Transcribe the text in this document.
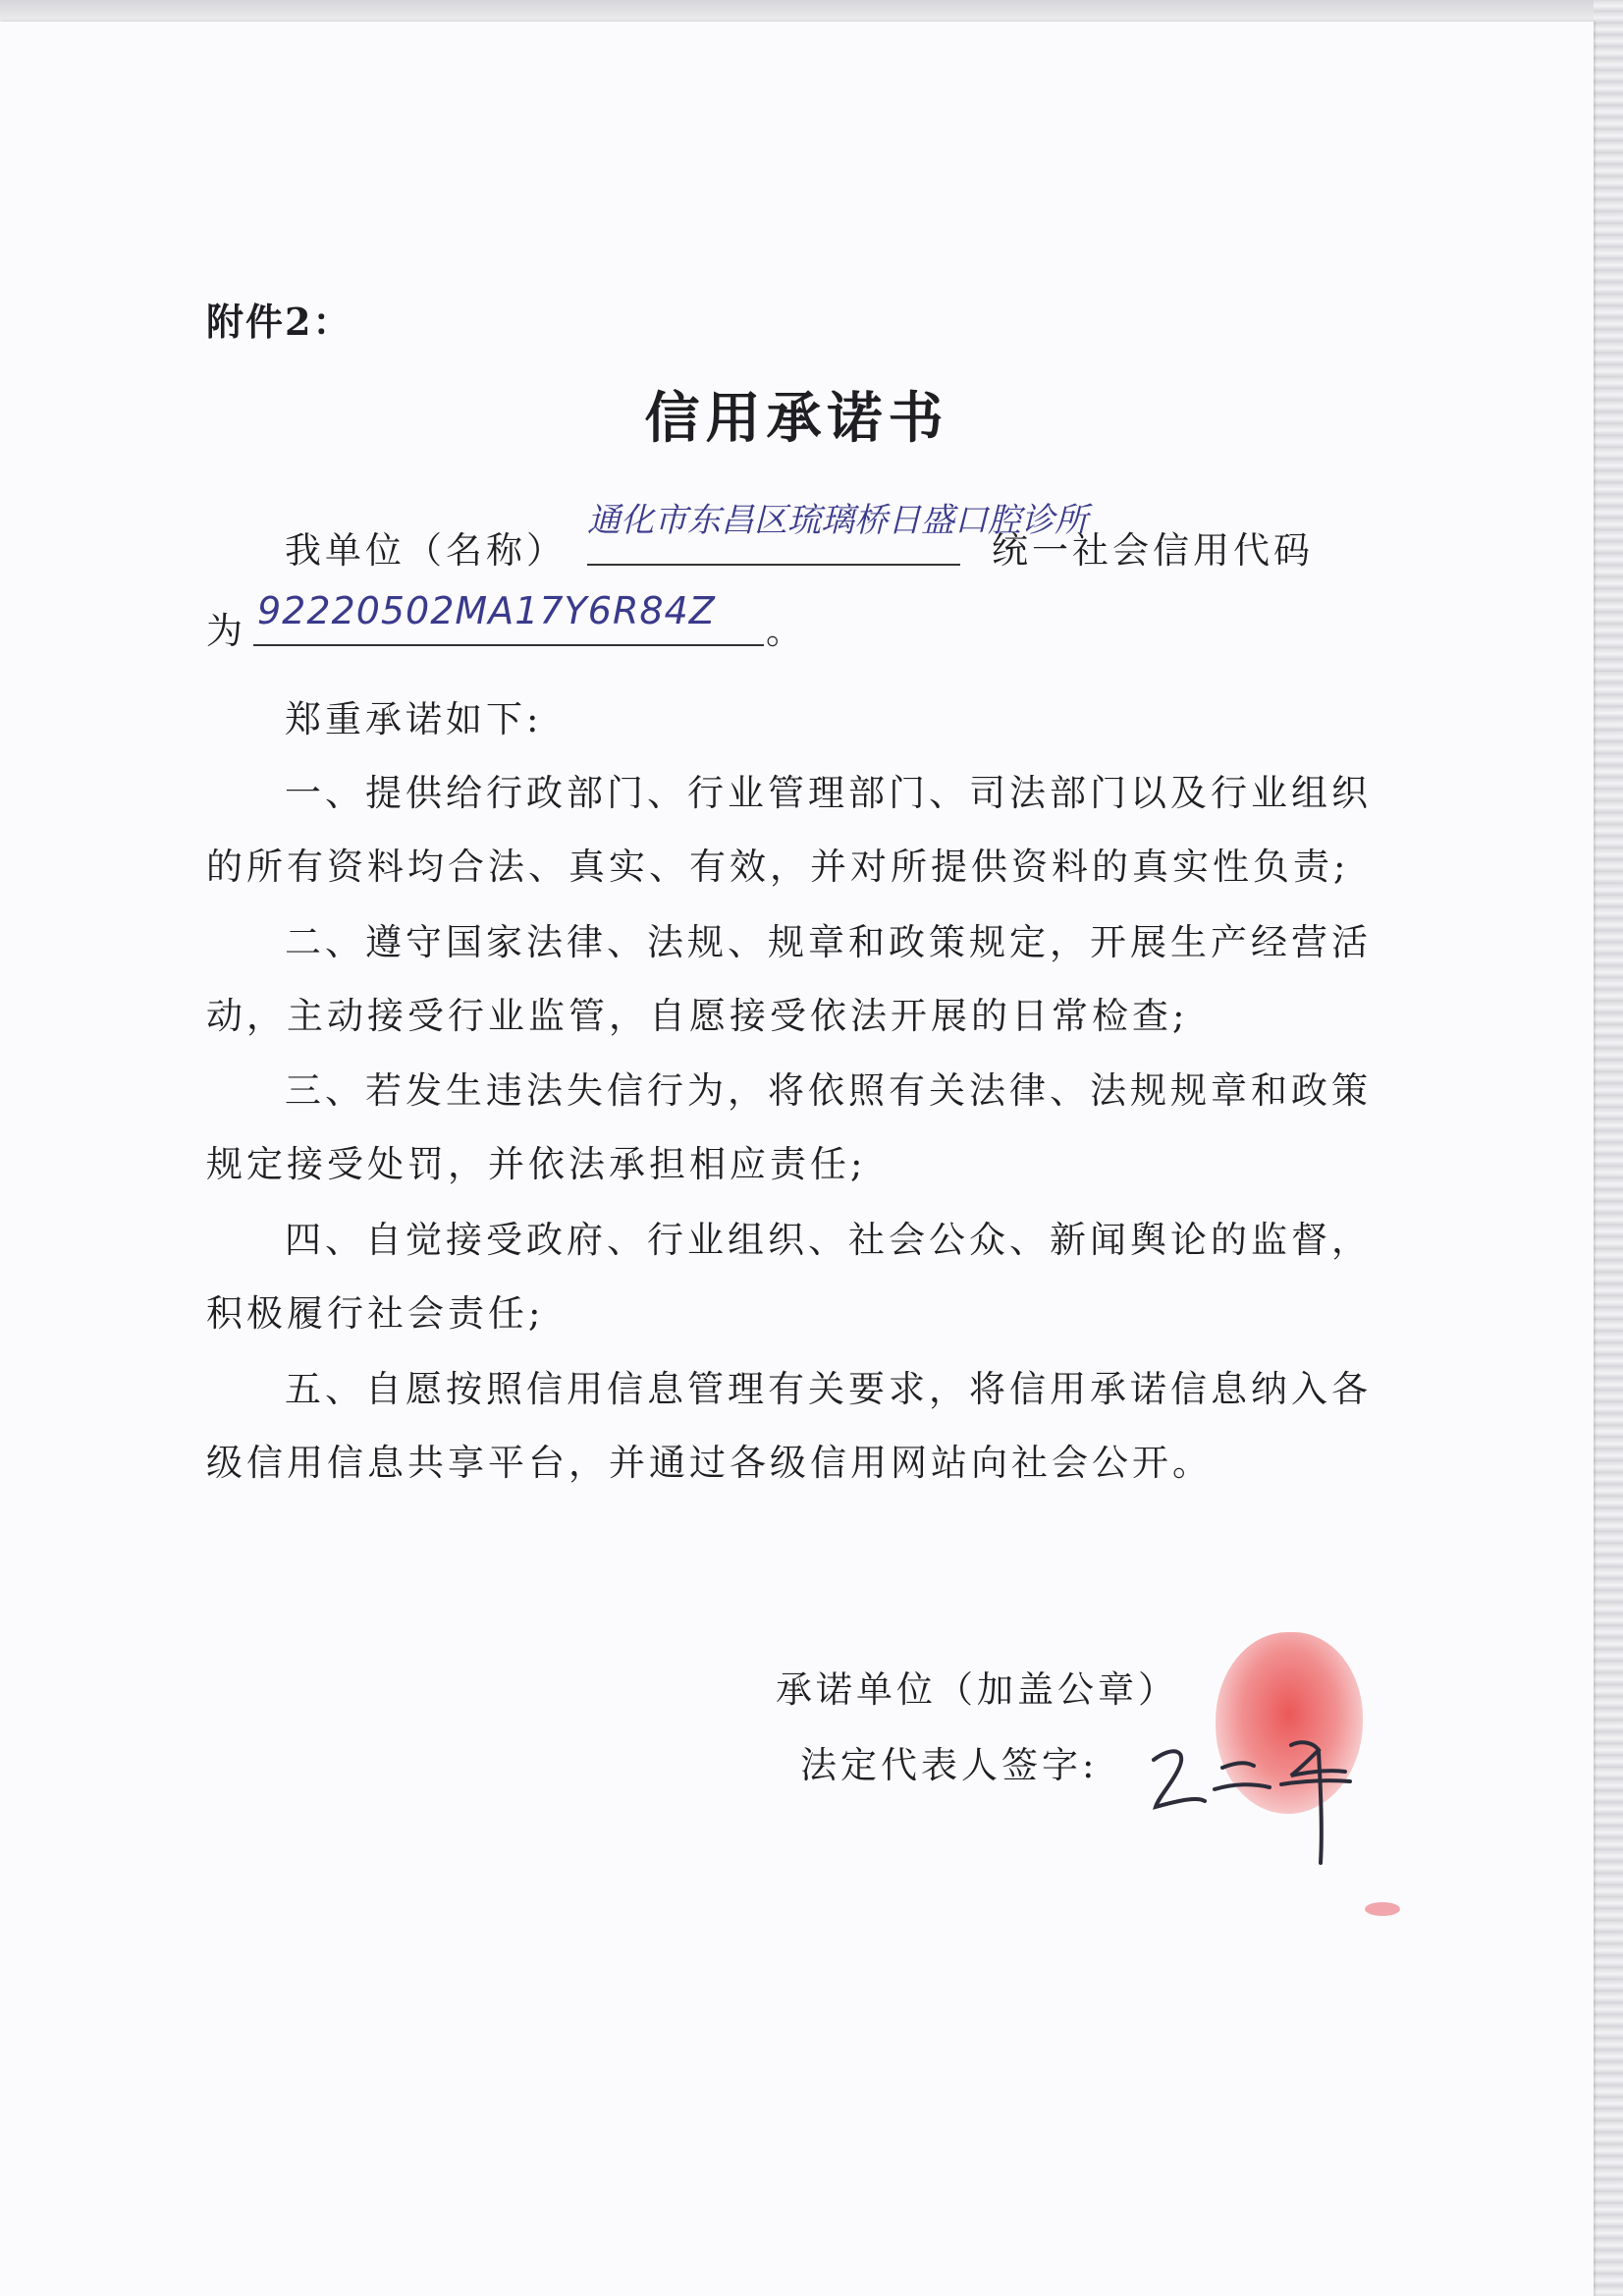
附件2：
信用承诺书
我单位（名称）
通化市东昌区琉璃桥日盛口腔诊所
统一社会信用代码
为 92220502MA17Y6R84Z 。
郑重承诺如下:
一、提供给行政部门、行业管理部门、司法部门以及行业组织
的所有资料均合法、真实、有效，并对所提供资料的真实性负责;
二、遵守国家法律、法规、规章和政策规定，开展生产经营活
动，主动接受行业监管，自愿接受依法开展的日常检查;
三、若发生违法失信行为，将依照有关法律、法规规章和政策
规定接受处罚，并依法承担相应责任;
四、自觉接受政府、行业组织、社会公众、新闻舆论的监督，
积极履行社会责任;
五、自愿按照信用信息管理有关要求，将信用承诺信息纳入各
级信用信息共享平台，并通过各级信用网站向社会公开。
承诺单位（加盖公章）
法定代表人签字:
